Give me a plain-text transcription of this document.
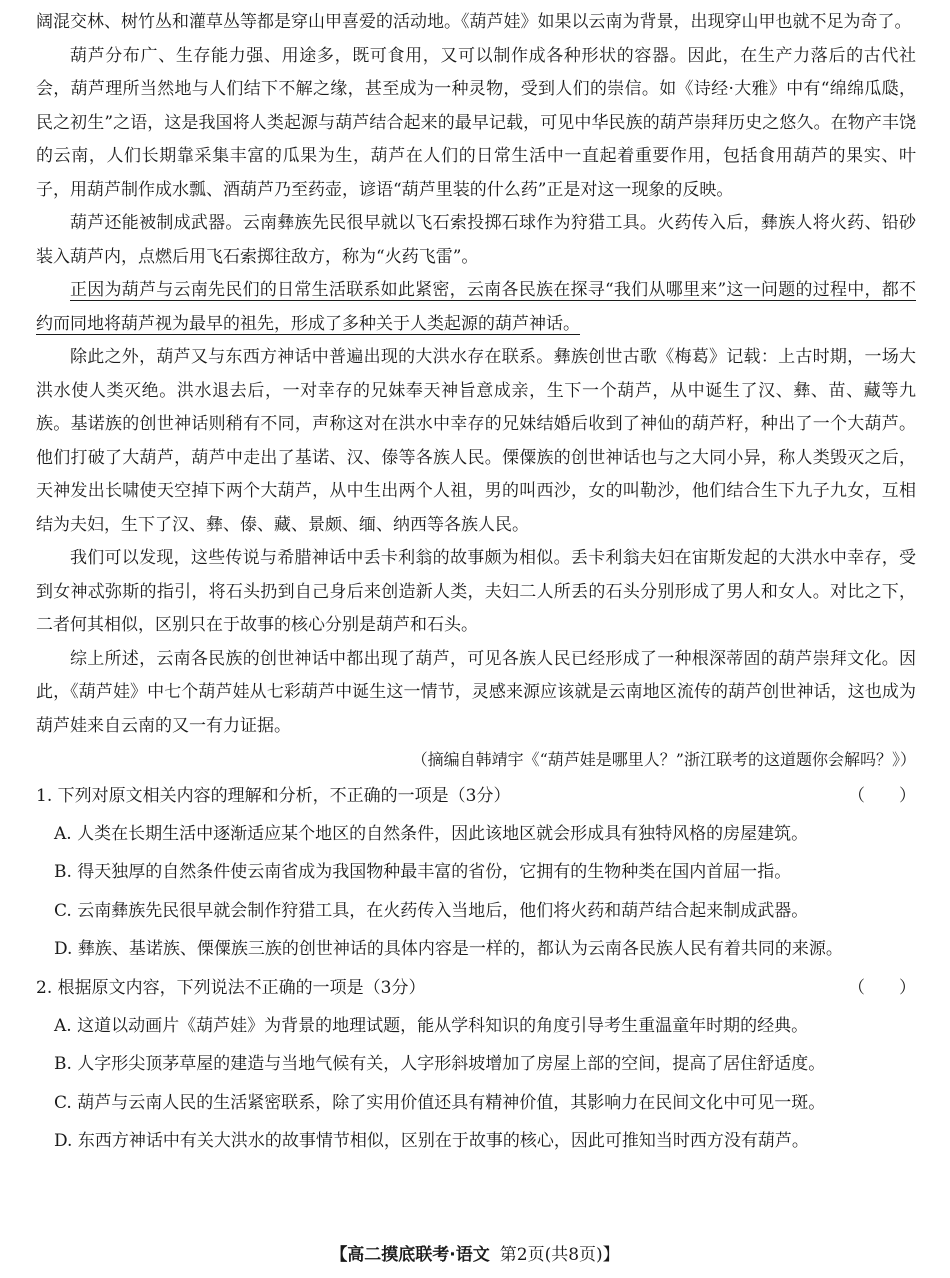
阔混交林、树竹丛和灌草丛等都是穿山甲喜爱的活动地。《葫芦娃》如果以云南为背景，出现穿山甲也就不足为奇了。

葫芦分布广、生存能力强、用途多，既可食用，又可以制作成各种形状的容器。因此，在生产力落后的古代社会，葫芦理所当然地与人们结下不解之缘，甚至成为一种灵物，受到人们的崇信。如《诗经·大雅》中有“绵绵瓜瓞，民之初生”之语，这是我国将人类起源与葫芦结合起来的最早记载，可见中华民族的葫芦崇拜历史之悠久。在物产丰饶的云南，人们长期靠采集丰富的瓜果为生，葫芦在人们的日常生活中一直起着重要作用，包括食用葫芦的果实、叶子，用葫芦制作成水瓢、酒葫芦乃至药壶，谚语“葫芦里装的什么药”正是对这一现象的反映。

葫芦还能被制成武器。云南彝族先民很早就以飞石索投掷石球作为狩猎工具。火药传入后，彝族人将火药、铅砂装入葫芦内，点燃后用飞石索掷往敌方，称为“火药飞雷”。

正因为葫芦与云南先民们的日常生活联系如此紧密，云南各民族在探寻“我们从哪里来”这一问题的过程中，都不约而同地将葫芦视为最早的祖先，形成了多种关于人类起源的葫芦神话。

除此之外，葫芦又与东西方神话中普遍出现的大洪水存在联系。彝族创世古歌《梅葛》记载：上古时期，一场大洪水使人类灭绝。洪水退去后，一对幸存的兄妹奉天神旨意成亲，生下一个葫芦，从中诞生了汉、彝、苗、藏等九族。基诺族的创世神话则稍有不同，声称这对在洪水中幸存的兄妹结婚后收到了神仙的葫芦籽，种出了一个大葫芦。他们打破了大葫芦，葫芦中走出了基诺、汉、傣等各族人民。傈僳族的创世神话也与之大同小异，称人类毁灭之后，天神发出长啸使天空掉下两个大葫芦，从中生出两个人祖，男的叫西沙，女的叫勒沙，他们结合生下九子九女，互相结为夫妇，生下了汉、彝、傣、藏、景颇、缅、纳西等各族人民。

我们可以发现，这些传说与希腊神话中丢卡利翁的故事颇为相似。丢卡利翁夫妇在宙斯发起的大洪水中幸存，受到女神忒弥斯的指引，将石头扔到自己身后来创造新人类，夫妇二人所丢的石头分别形成了男人和女人。对比之下，二者何其相似，区别只在于故事的核心分别是葫芦和石头。

综上所述，云南各民族的创世神话中都出现了葫芦，可见各族人民已经形成了一种根深蒂固的葫芦崇拜文化。因此，《葫芦娃》中七个葫芦娃从七彩葫芦中诞生这一情节，灵感来源应该就是云南地区流传的葫芦创世神话，这也成为葫芦娃来自云南的又一有力证据。

（摘编自韩靖宇《“葫芦娃是哪里人？”浙江联考的这道题你会解吗？》）

1. 下列对原文相关内容的理解和分析，不正确的一项是（3分）	（　　）

A. 人类在长期生活中逐渐适应某个地区的自然条件，因此该地区就会形成具有独特风格的房屋建筑。

B. 得天独厚的自然条件使云南省成为我国物种最丰富的省份，它拥有的生物种类在国内首屈一指。

C. 云南彝族先民很早就会制作狩猎工具，在火药传入当地后，他们将火药和葫芦结合起来制成武器。

D. 彝族、基诺族、傈僳族三族的创世神话的具体内容是一样的，都认为云南各民族人民有着共同的来源。

2. 根据原文内容，下列说法不正确的一项是（3分）	（　　）

A. 这道以动画片《葫芦娃》为背景的地理试题，能从学科知识的角度引导考生重温童年时期的经典。

B. 人字形尖顶茅草屋的建造与当地气候有关，人字形斜坡增加了房屋上部的空间，提高了居住舒适度。

C. 葫芦与云南人民的生活紧密联系，除了实用价值还具有精神价值，其影响力在民间文化中可见一斑。

D. 东西方神话中有关大洪水的故事情节相似，区别在于故事的核心，因此可推知当时西方没有葫芦。

【高二摸底联考·语文 第2页(共8页)】
